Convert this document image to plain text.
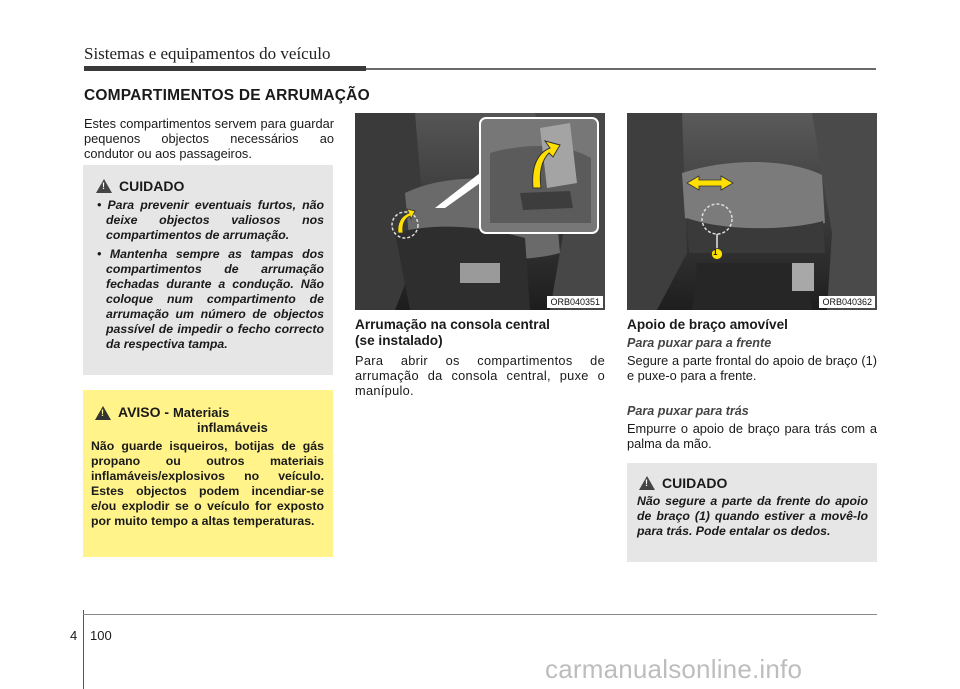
Sistemas e equipamentos do veículo
COMPARTIMENTOS DE ARRUMAÇÃO
Estes compartimentos servem para guardar pequenos objectos necessários ao condutor ou aos passageiros.
!
CUIDADO
• Para prevenir eventuais furtos, não deixe objectos valiosos nos compartimentos de arrumação.
• Mantenha sempre as tampas dos compartimentos de arrumação fechadas durante a condução. Não coloque num compartimento de arrumação um número de objectos passível de impedir o fecho correcto da respectiva tampa.
!
AVISO - Materiais
inflamáveis
Não guarde isqueiros, botijas de gás propano ou outros materiais inflamáveis/explosivos no veículo. Estes objectos podem incendiar-se e/ou explodir se o veículo for exposto por muito tempo a altas temperaturas.
ORB040351
Arrumação na consola central
(se instalado)
Para abrir os compartimentos de arrumação da consola central, puxe o manípulo.
1
ORB040362
Apoio de braço amovível
Para puxar para a frente
Segure a parte frontal do apoio de braço (1) e puxe-o para a frente.
Para puxar para trás
Empurre o apoio de braço para trás com a palma da mão.
!
CUIDADO
Não segure a parte da frente do apoio de braço (1) quando estiver a movê-lo para trás. Pode entalar os dedos.
4 100
carmanualsonline.info
